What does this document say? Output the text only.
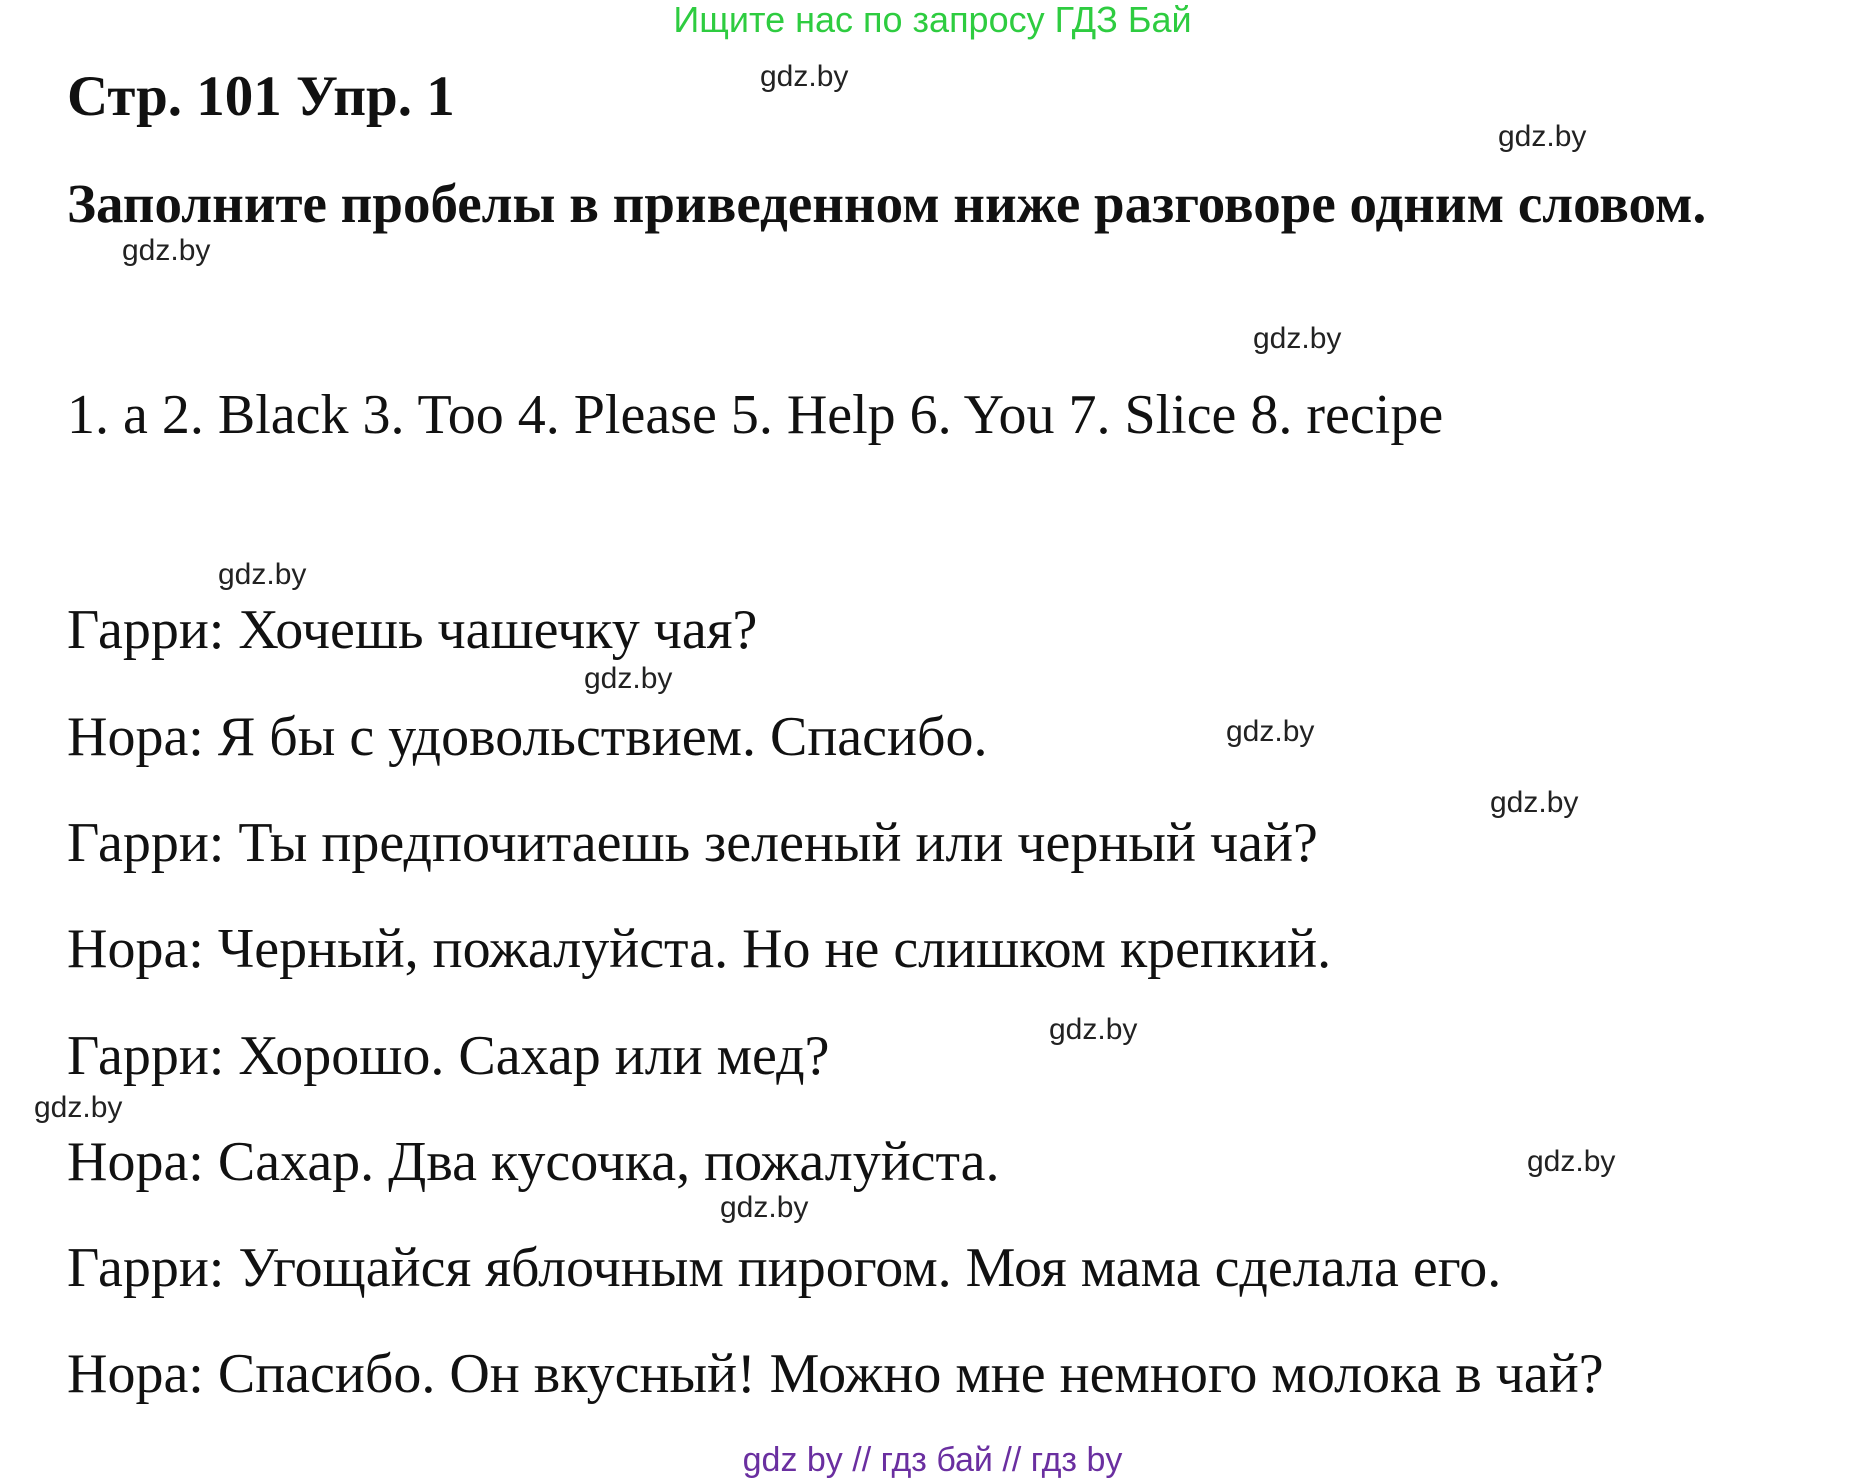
Ищите нас по запросу ГДЗ Бай
Стр. 101 Упр. 1
Заполните пробелы в приведенном ниже разговоре одним словом.
1. a 2. Black 3. Too 4. Please 5. Help 6. You 7. Slice 8. recipe
Гарри: Хочешь чашечку чая?
Нора: Я бы с удовольствием. Спасибо.
Гарри: Ты предпочитаешь зеленый или черный чай?
Нора: Черный, пожалуйста. Но не слишком крепкий.
Гарри: Хорошо. Сахар или мед?
Нора: Сахар. Два кусочка, пожалуйста.
Гарри: Угощайся яблочным пирогом. Моя мама сделала его.
Нора: Спасибо. Он вкусный! Можно мне немного молока в чай?
gdz.by
gdz.by
gdz.by
gdz.by
gdz.by
gdz.by
gdz.by
gdz.by
gdz.by
gdz.by
gdz.by
gdz.by
gdz by // гдз бай // гдз by
